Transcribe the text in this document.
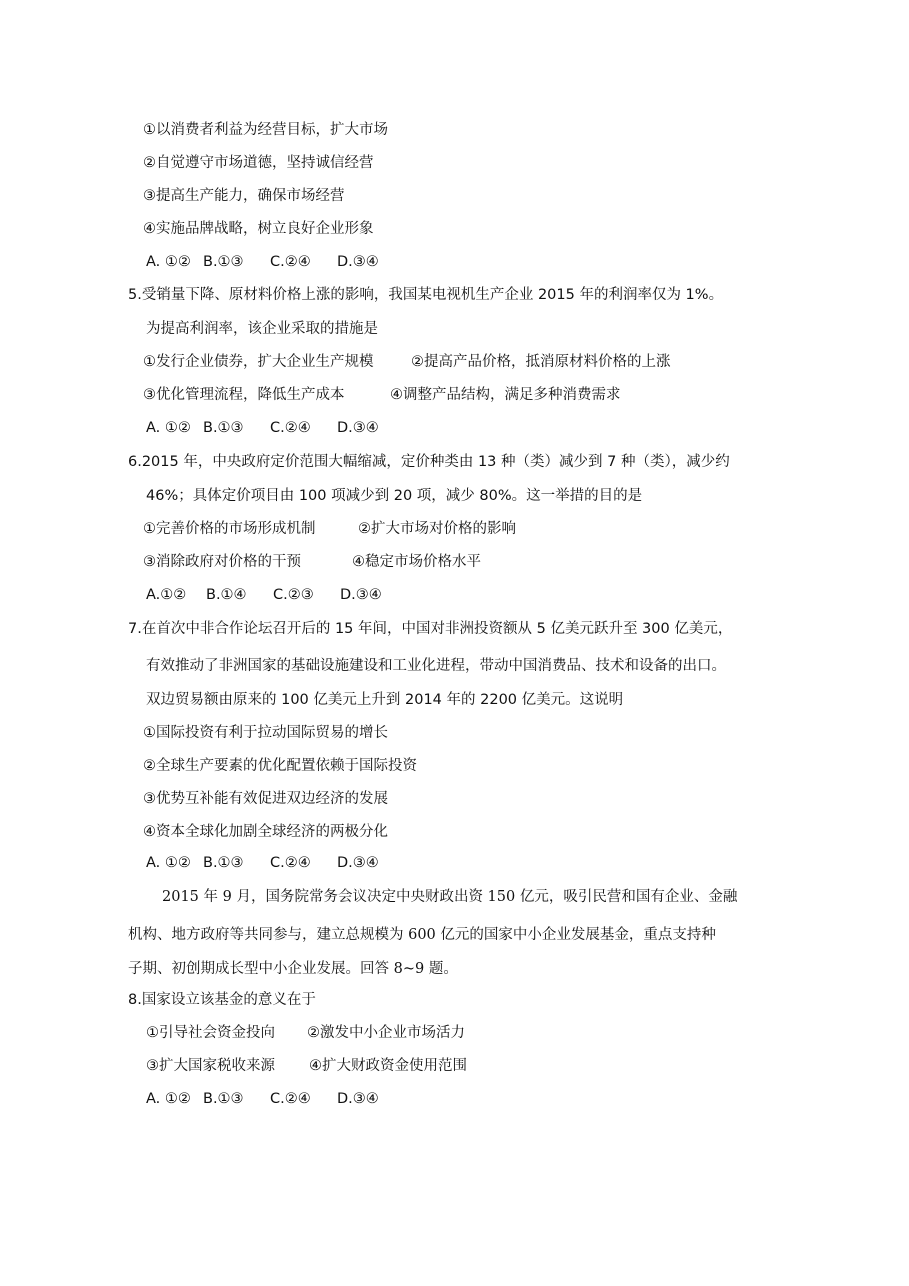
①以消费者利益为经营目标，扩大市场
②自觉遵守市场道德，坚持诚信经营
③提高生产能力，确保市场经营
④实施品牌战略，树立良好企业形象
A. ①② B.①③ C.②④ D.③④
5.受销量下降、原材料价格上涨的影响，我国某电视机生产企业 2015 年的利润率仅为 1%。
为提高利润率，该企业采取的措施是
①发行企业债券，扩大企业生产规模	②提高产品价格，抵消原材料价格的上涨
③优化管理流程，降低生产成本	④调整产品结构，满足多种消费需求
A. ①② B.①③ C.②④ D.③④
6.2015 年，中央政府定价范围大幅缩减，定价种类由 13 种（类）减少到 7 种（类），减少约
46%；具体定价项目由 100 项减少到 20 项，减少 80%。这一举措的目的是
①完善价格的市场形成机制	②扩大市场对价格的影响
③消除政府对价格的干预	④稳定市场价格水平
A.①② B.①④ C.②③ D.③④
7.在首次中非合作论坛召开后的 15 年间，中国对非洲投资额从 5 亿美元跃升至 300 亿美元，
有效推动了非洲国家的基础设施建设和工业化进程，带动中国消费品、技术和设备的出口。
双边贸易额由原来的 100 亿美元上升到 2014 年的 2200 亿美元。这说明
①国际投资有利于拉动国际贸易的增长
②全球生产要素的优化配置依赖于国际投资
③优势互补能有效促进双边经济的发展
④资本全球化加剧全球经济的两极分化
A. ①② B.①③ C.②④ D.③④
2015 年 9 月，国务院常务会议决定中央财政出资 150 亿元，吸引民营和国有企业、金融
机构、地方政府等共同参与，建立总规模为 600 亿元的国家中小企业发展基金，重点支持种
子期、初创期成长型中小企业发展。回答 8~9 题。
8.国家设立该基金的意义在于
①引导社会资金投向 ②激发中小企业市场活力
③扩大国家税收来源 ④扩大财政资金使用范围
A. ①② B.①③ C.②④ D.③④
